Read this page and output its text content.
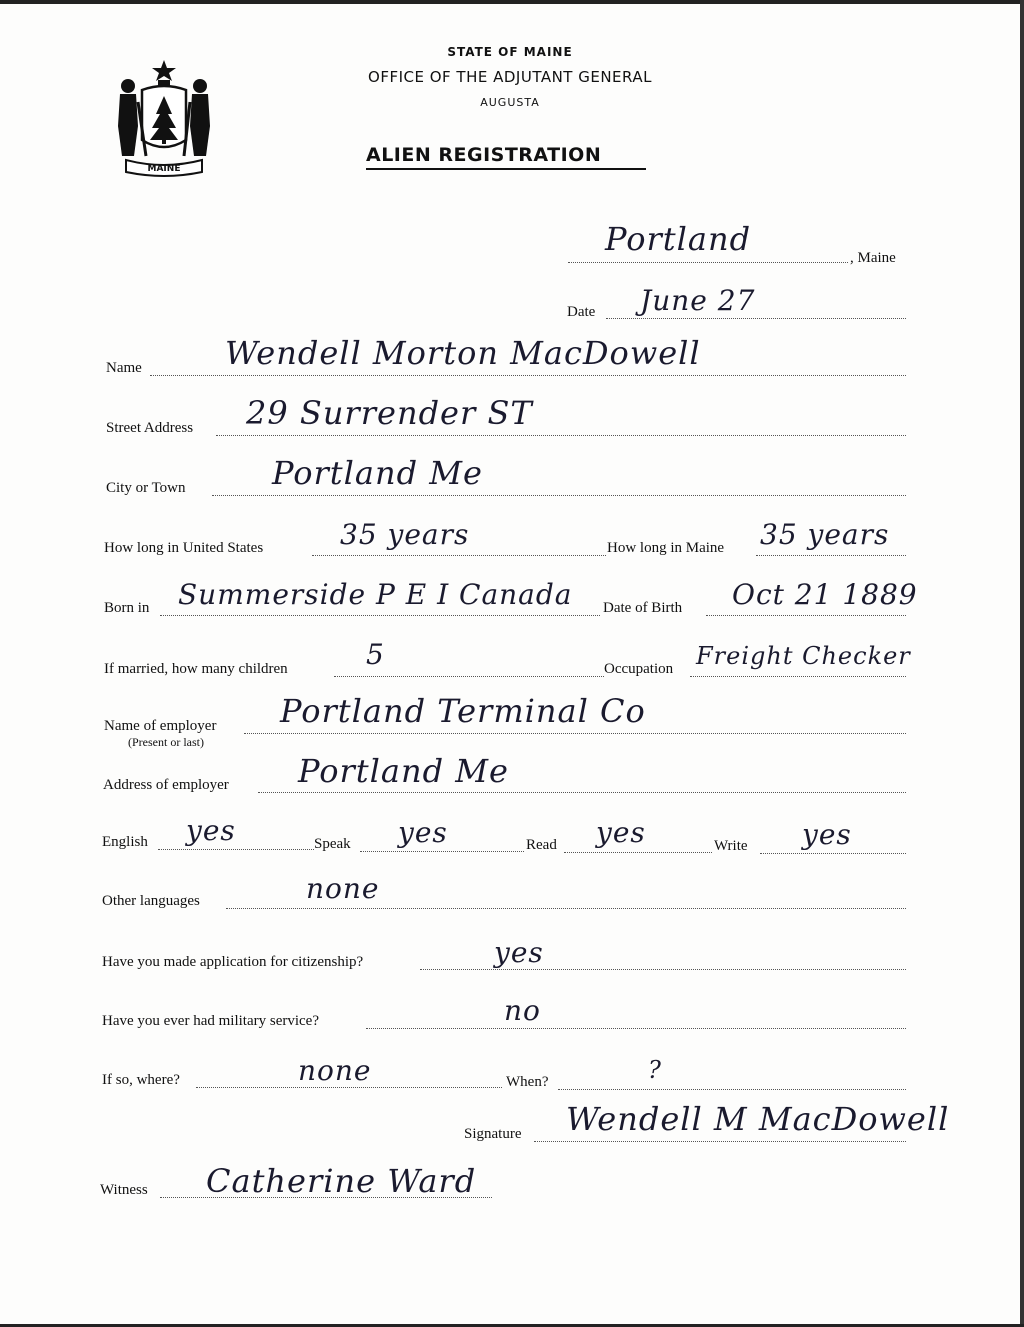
MAINE
STATE OF MAINE
OFFICE OF THE ADJUTANT GENERAL
AUGUSTA
ALIEN REGISTRATION
Portland	, Maine
Date June 27
Name	Wendell Morton MacDowell
Street Address 29 Surrender ST
City or Town	Portland Me
How long in United States	35 years	How long in Maine 35 years
Born in Summerside P E I Canada Date of Birth Oct 21 1889
If married, how many children	5	Occupation Freight Checker
Name of employer
(Present or last)
Portland Terminal Co
Address of employer Portland Me
English yes	Speak yes	Read yes	Write yes
Other languages	none
Have you made application for citizenship?	yes
Have you ever had military service?	no
If so, where?	none	When?	?
Signature Wendell M MacDowell
Witness Catherine Ward
